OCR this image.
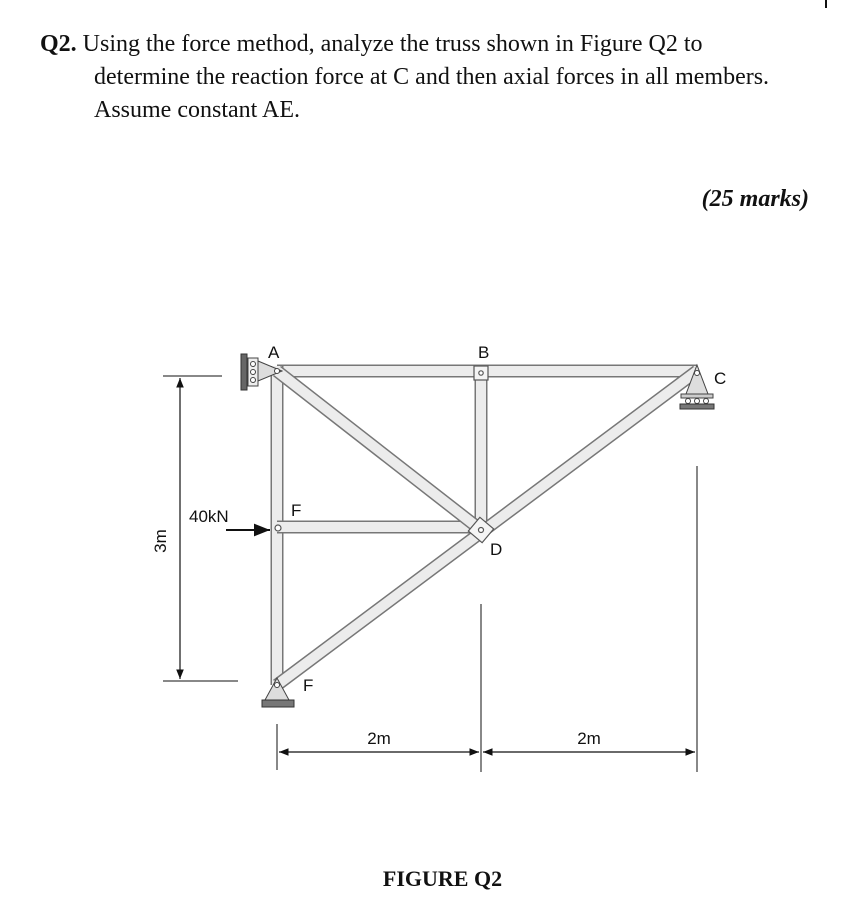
Q2. Using the force method, analyze the truss shown in Figure Q2 to
determine the reaction force at C and then axial forces in all members.
Assume constant AE.
(25 marks)
40kN
A	B
C
D
F
F
3m
2m	2m
FIGURE Q2
